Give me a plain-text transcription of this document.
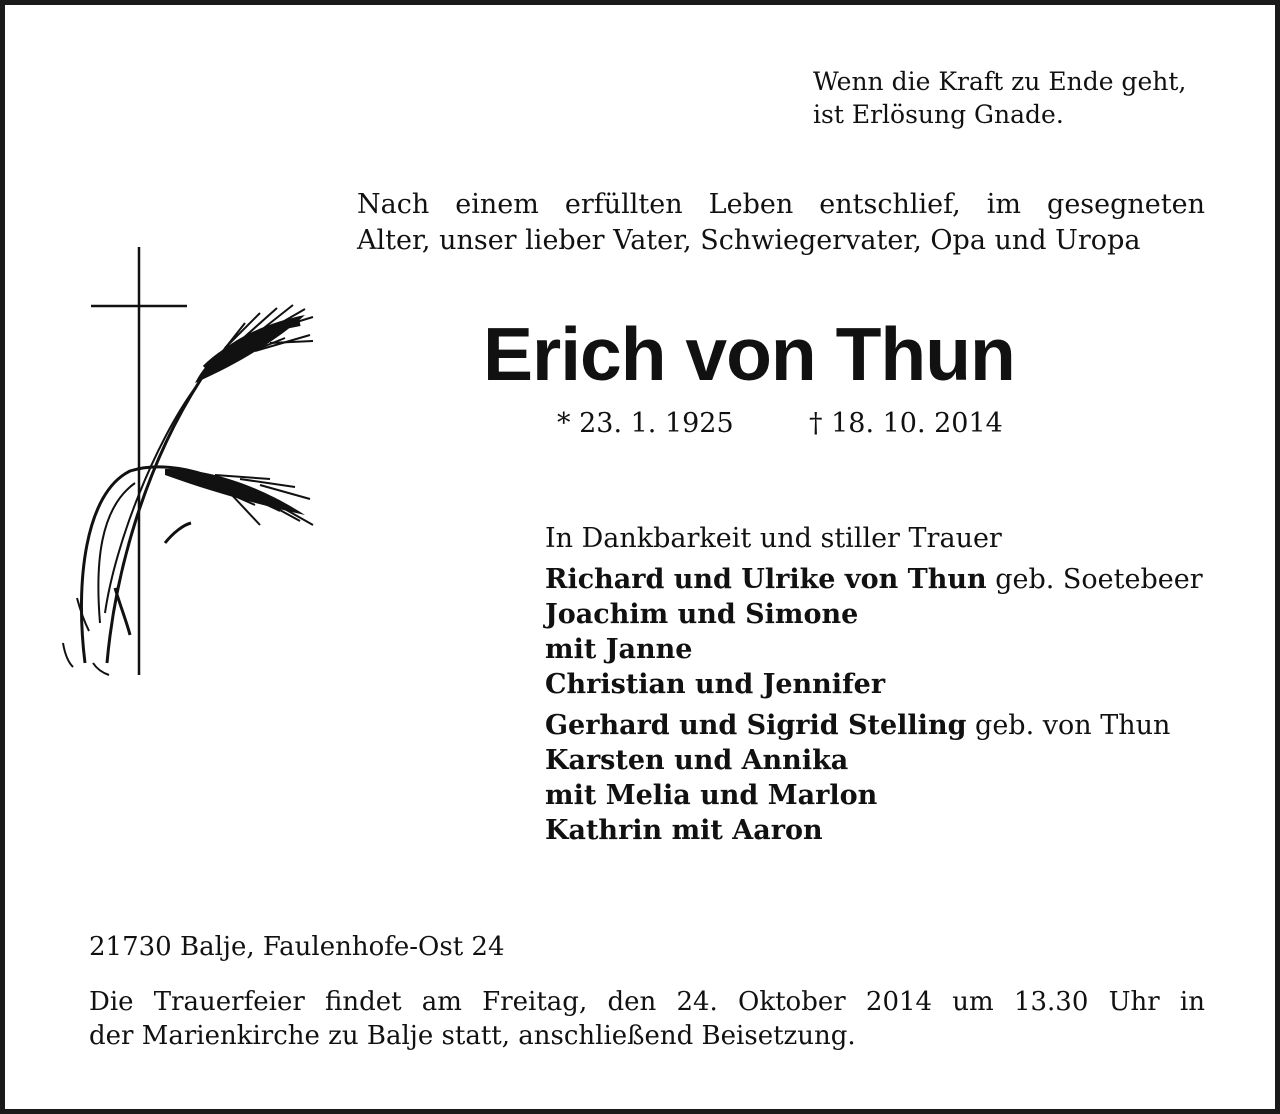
Wenn die Kraft zu Ende geht,
ist Erlösung Gnade.
Nach einem erfüllten Leben entschlief, im gesegneten
Alter, unser lieber Vater, Schwiegervater, Opa und Uropa
Erich von Thun
* 23. 1. 1925	† 18. 10. 2014
In Dankbarkeit und stiller Trauer
Richard und Ulrike von Thun geb. Soetebeer
Joachim und Simone
mit Janne
Christian und Jennifer
Gerhard und Sigrid Stelling geb. von Thun
Karsten und Annika
mit Melia und Marlon
Kathrin mit Aaron
21730 Balje, Faulenhofe-Ost 24
Die Trauerfeier findet am Freitag, den 24. Oktober 2014 um 13.30 Uhr in
der Marienkirche zu Balje statt, anschließend Beisetzung.
